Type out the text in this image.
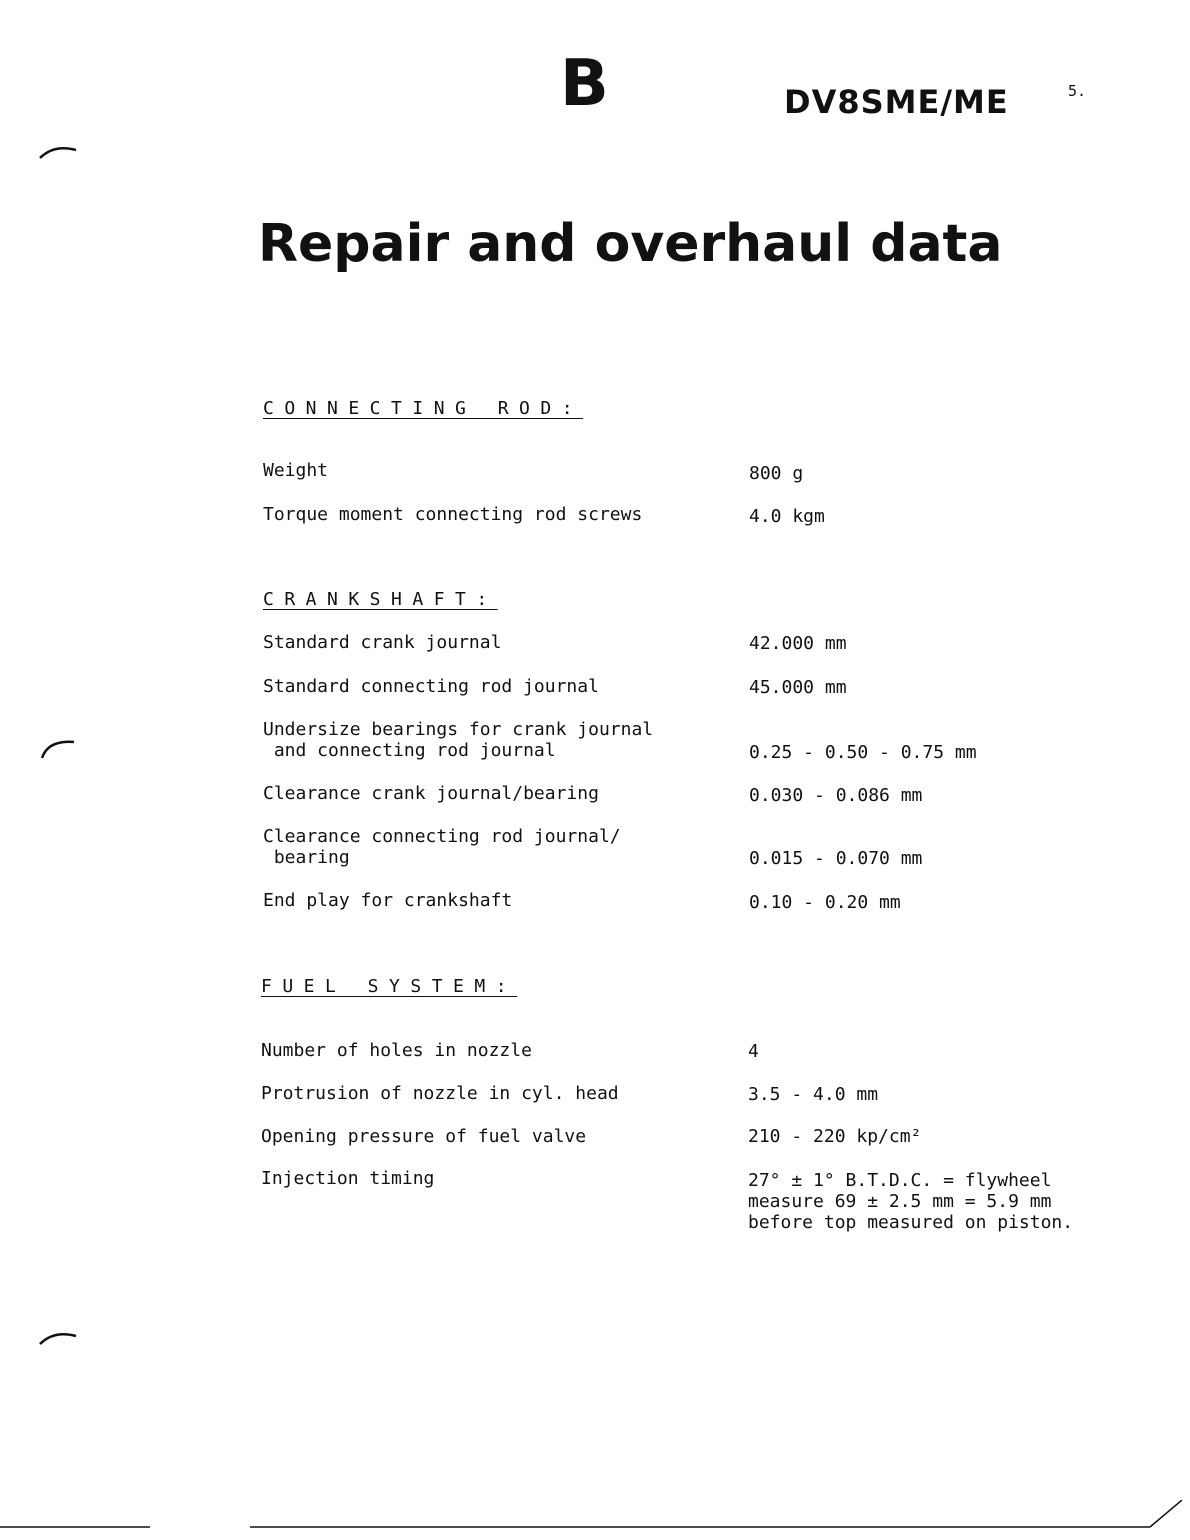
B	DV8SME/ME	5.
Repair and overhaul data
CONNECTING ROD:
Weight	800 g
Torque moment connecting rod screws	4.0 kgm
CRANKSHAFT:
Standard crank journal	42.000 mm
Standard connecting rod journal	45.000 mm
Undersize bearings for crank journal
and connecting rod journal	0.25 - 0.50 - 0.75 mm
Clearance crank journal/bearing	0.030 - 0.086 mm
Clearance connecting rod journal/
bearing	0.015 - 0.070 mm
End play for crankshaft	0.10 - 0.20 mm
FUEL SYSTEM:
Number of holes in nozzle	4
Protrusion of nozzle in cyl. head	3.5 - 4.0 mm
Opening pressure of fuel valve	210 - 220 kp/cm²
Injection timing	27° ± 1° B.T.D.C. = flywheel
measure 69 ± 2.5 mm = 5.9 mm
before top measured on piston.
